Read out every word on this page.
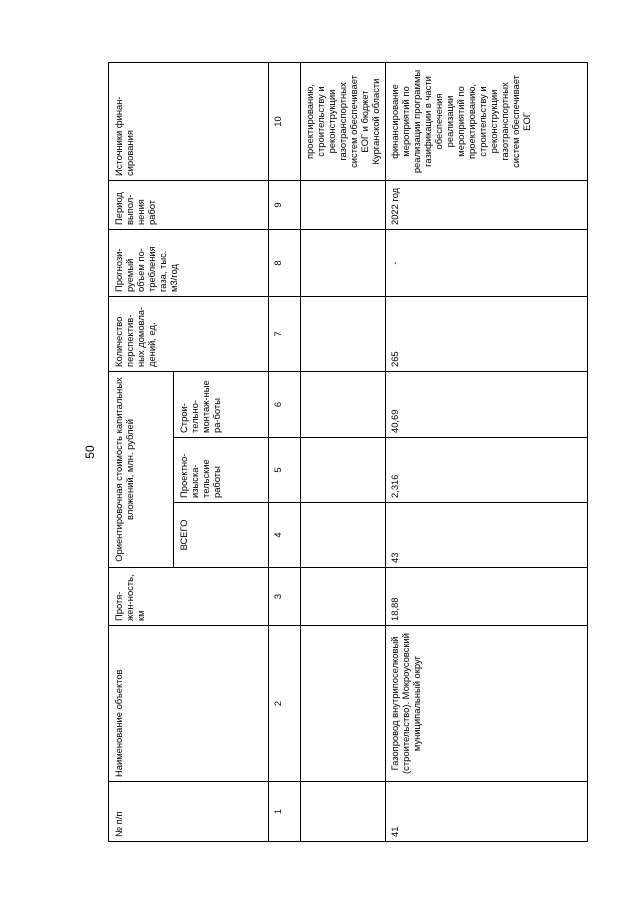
50
№ п/п
Наименование объектов
Протя-жен-ность, км
Ориентировочная стоимость капитальных вложений, млн. рублей
ВСЕГО
Проектно-изыска-тельские работы
Строи-тельно-монтаж-ные ра-боты
Количество перспектив-ных домовла-дений, ед.
Прогнози-руемый объем по-требления газа, тыс. м3/год
Период выпол-нения работ
Источники финан-сирования
1
2
3
4
5
6
7
8
9
10	проектированию, строительству и реконструкции газотранспортных систем обеспечивает ЕОГ и бюджет Курганской области
41
Газопровод внутрипоселковый (строительство). Мокроусовский муниципальный округ
18,88
43
2,316
40,69
265
-
2022 год
финансирование мероприятий по реализации программы газификации в части обеспечения реализации мероприятий по проектированию, строительству и реконструкции газотранспортных систем обеспечивает ЕОГ
